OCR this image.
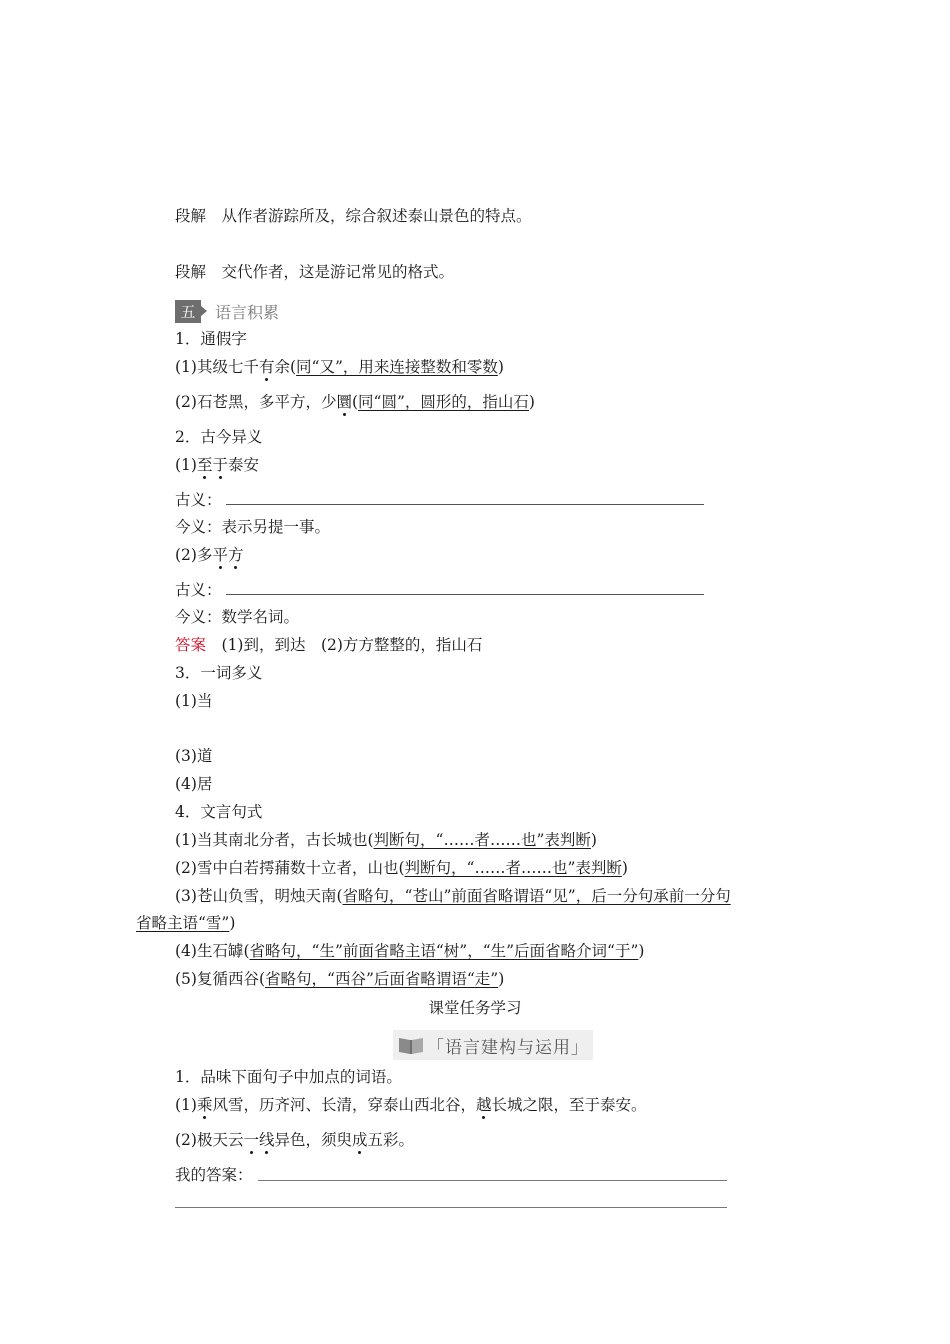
段解　 从作者游踪所及，综合叙述泰山景色的特点。
段解　 交代作者，这是游记常见的格式。
五	语言积累
1．通假字
(1)其级七千有余(同“又”，用来连接整数和零数)
(2)石苍黑，多平方，少圜(同“圆”，圆形的，指山石)
2．古今异义
(1)至于泰安
古义：
今义：表示另提一事。
(2)多平方
古义：
今义：数学名词。
答案　(1)到，到达　(2)方方整整的，指山石
3．一词多义
(1)当
(3)道
(4)居
4．文言句式
(1)当其南北分者，古长城也(判断句，“……者……也”表判断)
(2)雪中白若摴蒱数十立者，山也(判断句，“……者……也”表判断)
(3)苍山负雪，明烛天南(省略句，“苍山”前面省略谓语“见”，后一分句承前一分句
省略主语“雪”)
(4)生石罅(省略句，“生”前面省略主语“树”，“生”后面省略介词“于”)
(5)复循西谷(省略句，“西谷”后面省略谓语“走”)
课堂任务学习
「语言建构与运用」
1．品味下面句子中加点的词语。
(1)乘风雪，历齐河、长清，穿泰山西北谷，越长城之限，至于泰安。
(2)极天云一线异色，须臾成五彩。
我的答案：
